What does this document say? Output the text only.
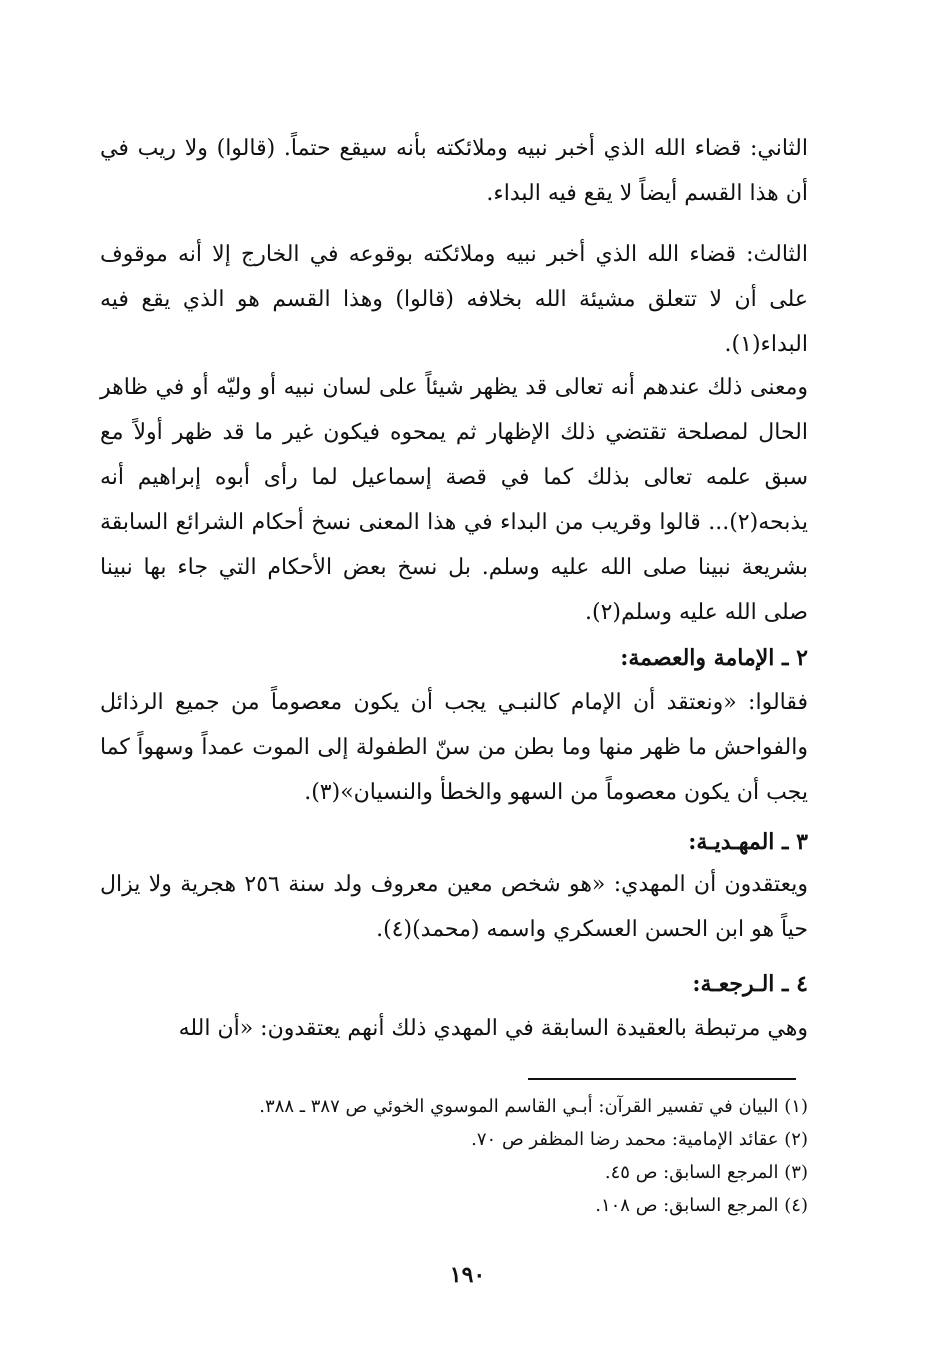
الثاني: قضاء الله الذي أخبر نبيه وملائكته بأنه سيقع حتماً. (قالوا) ولا ريب في أن هذا القسم أيضاً لا يقع فيه البداء.

الثالث: قضاء الله الذي أخبر نبيه وملائكته بوقوعه في الخارج إلا أنه موقوف على أن لا تتعلق مشيئة الله بخلافه (قالوا) وهذا القسم هو الذي يقع فيه البداء(١).

ومعنى ذلك عندهم أنه تعالى قد يظهر شيئاً على لسان نبيه أو وليّه أو في ظاهر الحال لمصلحة تقتضي ذلك الإظهار ثم يمحوه فيكون غير ما قد ظهر أولاً مع سبق علمه تعالى بذلك كما في قصة إسماعيل لما رأى أبوه إبراهيم أنه يذبحه(٢)... قالوا وقريب من البداء في هذا المعنى نسخ أحكام الشرائع السابقة بشريعة نبينا صلى الله عليه وسلم. بل نسخ بعض الأحكام التي جاء بها نبينا صلى الله عليه وسلم(٢).

٢ ـ الإمامة والعصمة:

فقالوا: «ونعتقد أن الإمام كالنبـي يجب أن يكون معصوماً من جميع الرذائل والفواحش ما ظهر منها وما بطن من سنّ الطفولة إلى الموت عمداً وسهواً كما يجب أن يكون معصوماً من السهو والخطأ والنسيان»(٣).

٣ ـ المهـديـة:

ويعتقدون أن المهدي: «هو شخص معين معروف ولد سنة ٢٥٦ هجرية ولا يزال حياً هو ابن الحسن العسكري واسمه (محمد)(٤).

٤ ـ الـرجعـة:

وهي مرتبطة بالعقيدة السابقة في المهدي ذلك أنهم يعتقدون: «أن الله

(١) البيان في تفسير القرآن: أبـي القاسم الموسوي الخوئي ص ٣٨٧ ـ ٣٨٨.
(٢) عقائد الإمامية: محمد رضا المظفر ص ٧٠.
(٣) المرجع السابق: ص ٤٥.
(٤) المرجع السابق: ص ١٠٨.
١٩٠
